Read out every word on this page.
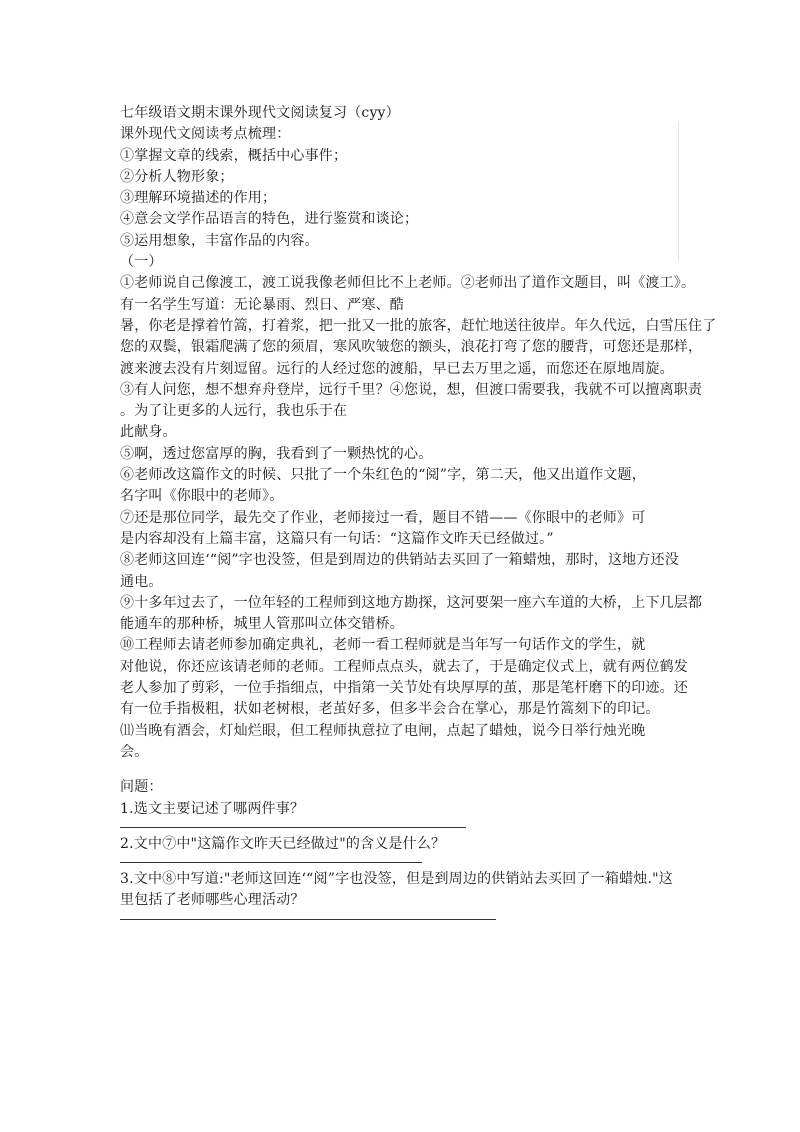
七年级语文期末课外现代文阅读复习（cyy）
课外现代文阅读考点梳理：
①掌握文章的线索，概括中心事件；
②分析人物形象；
③理解环境描述的作用；
④意会文学作品语言的特色，进行鉴赏和谈论；
⑤运用想象，丰富作品的内容。
（一）
①老师说自己像渡工，渡工说我像老师但比不上老师。②老师出了道作文题目，叫《渡工》。
有一名学生写道：无论暴雨、烈日、严寒、酷
暑，你老是撑着竹篙，打着浆，把一批又一批的旅客，赶忙地送往彼岸。年久代远，白雪压住了
您的双鬓，银霜爬满了您的须眉，寒风吹皱您的额头，浪花打弯了您的腰背，可您还是那样，
渡来渡去没有片刻逗留。远行的人经过您的渡船，早已去万里之遥，而您还在原地周旋。
③有人问您，想不想弃舟登岸，远行千里？④您说，想，但渡口需要我，我就不可以擅离职责
。为了让更多的人远行，我也乐于在
此献身。
⑤啊，透过您富厚的胸，我看到了一颗热忱的心。
⑥老师改这篇作文的时候、只批了一个朱红色的“阅”字，第二天，他又出道作文题，
名字叫《你眼中的老师》。
⑦还是那位同学，最先交了作业，老师接过一看，题目不错——《你眼中的老师》可
是内容却没有上篇丰富，这篇只有一句话：“这篇作文昨天已经做过。”
⑧老师这回连‘“阅”字也没签，但是到周边的供销站去买回了一箱蜡烛，那时，这地方还没
通电。
⑨十多年过去了，一位年轻的工程师到这地方勘探，这河要架一座六车道的大桥，上下几层都
能通车的那种桥，城里人管那叫立体交错桥。
⑩工程师去请老师参加确定典礼，老师一看工程师就是当年写一句话作文的学生，就
对他说，你还应该请老师的老师。工程师点点头，就去了，于是确定仪式上，就有两位鹤发
老人参加了剪彩，一位手指细点，中指第一关节处有块厚厚的茧，那是笔杆磨下的印迹。还
有一位手指极粗，状如老树根，老茧好多，但多半会合在掌心，那是竹篙刻下的印记。
⑾当晚有酒会，灯灿烂眼，但工程师执意拉了电闸，点起了蜡烛，说今日举行烛光晚
会。
问题：
1.选文主要记述了哪两件事？
2.文中⑦中"这篇作文昨天已经做过"的含义是什么？
3.文中⑧中写道:"老师这回连‘“阅”字也没签，但是到周边的供销站去买回了一箱蜡烛."这
里包括了老师哪些心理活动？
